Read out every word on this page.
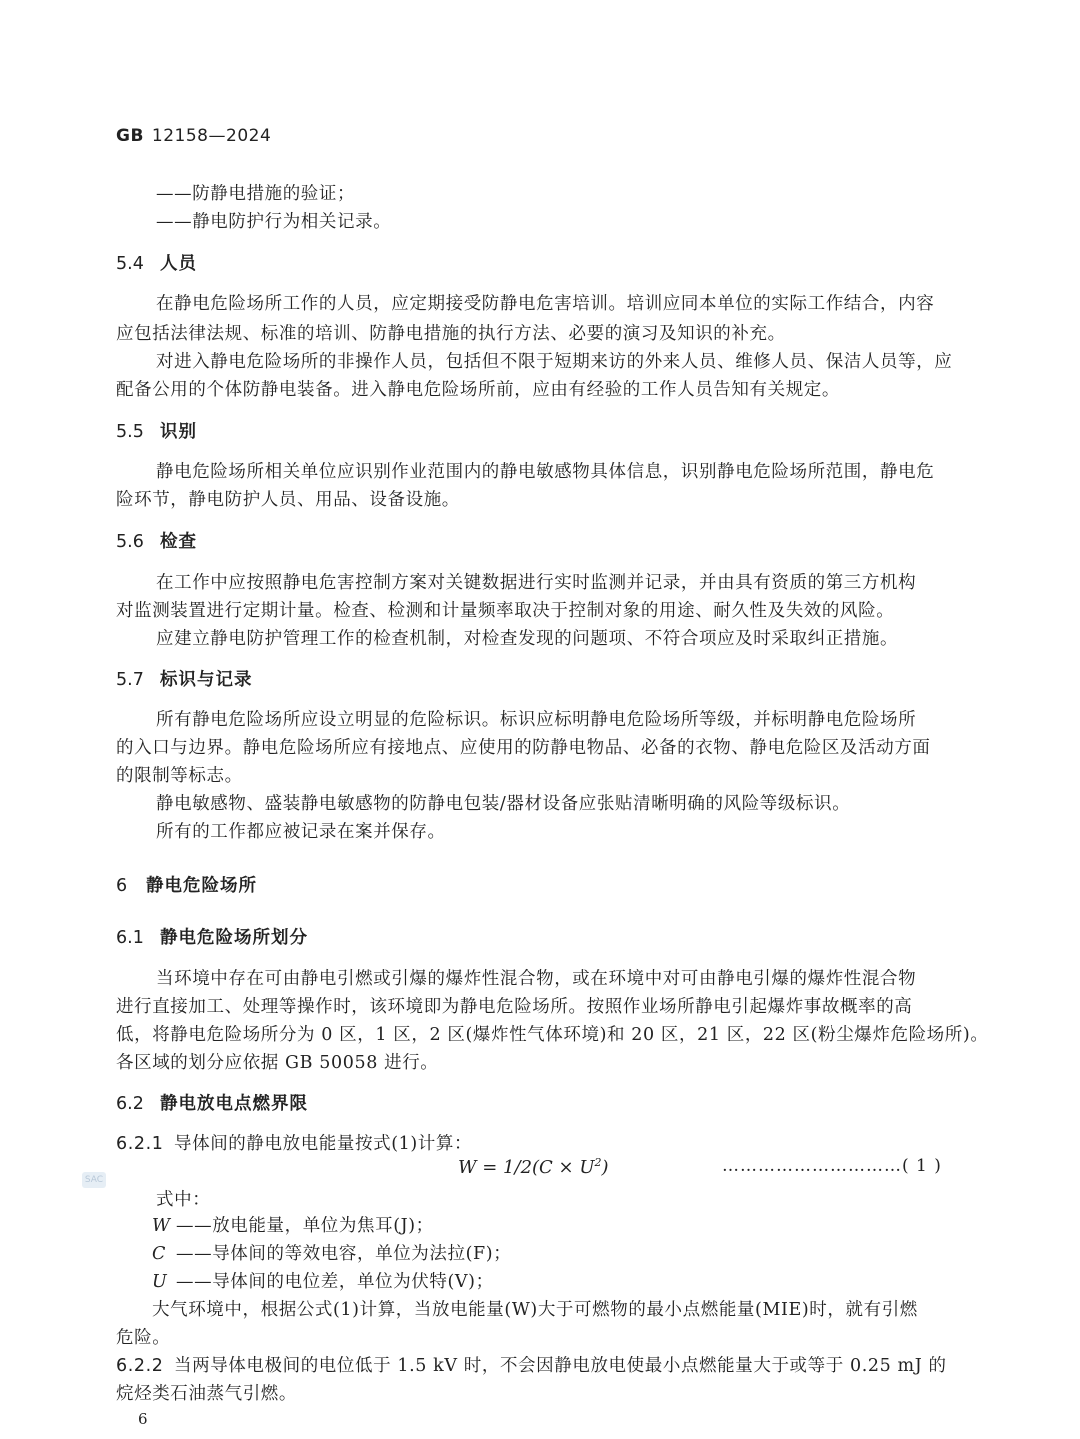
GB 12158—2024
——防静电措施的验证；
——静电防护行为相关记录。
5.4 人员
在静电危险场所工作的人员，应定期接受防静电危害培训。培训应同本单位的实际工作结合，内容
应包括法律法规、标准的培训、防静电措施的执行方法、必要的演习及知识的补充。
对进入静电危险场所的非操作人员，包括但不限于短期来访的外来人员、维修人员、保洁人员等，应
配备公用的个体防静电装备。进入静电危险场所前，应由有经验的工作人员告知有关规定。
5.5 识别
静电危险场所相关单位应识别作业范围内的静电敏感物具体信息，识别静电危险场所范围，静电危
险环节，静电防护人员、用品、设备设施。
5.6 检查
在工作中应按照静电危害控制方案对关键数据进行实时监测并记录，并由具有资质的第三方机构
对监测装置进行定期计量。检查、检测和计量频率取决于控制对象的用途、耐久性及失效的风险。
应建立静电防护管理工作的检查机制，对检查发现的问题项、不符合项应及时采取纠正措施。
5.7 标识与记录
所有静电危险场所应设立明显的危险标识。标识应标明静电危险场所等级，并标明静电危险场所
的入口与边界。静电危险场所应有接地点、应使用的防静电物品、必备的衣物、静电危险区及活动方面
的限制等标志。
静电敏感物、盛装静电敏感物的防静电包装/器材设备应张贴清晰明确的风险等级标识。
所有的工作都应被记录在案并保存。
6 静电危险场所
6.1 静电危险场所划分
当环境中存在可由静电引燃或引爆的爆炸性混合物，或在环境中对可由静电引爆的爆炸性混合物
进行直接加工、处理等操作时，该环境即为静电危险场所。按照作业场所静电引起爆炸事故概率的高
低，将静电危险场所分为 0 区，1 区，2 区(爆炸性气体环境)和 20 区，21 区，22 区(粉尘爆炸危险场所)。
各区域的划分应依据 GB 50058 进行。
6.2 静电放电点燃界限
6.2.1 导体间的静电放电能量按式(1)计算：
$W = 1/2(C \times U^2)$	…………………………( 1 )
SAC
式中：
W ——放电能量，单位为焦耳(J)；
C ——导体间的等效电容，单位为法拉(F)；
U ——导体间的电位差，单位为伏特(V)；
大气环境中，根据公式(1)计算，当放电能量(W)大于可燃物的最小点燃能量(MIE)时，就有引燃
危险。
6.2.2 当两导体电极间的电位低于 1.5 kV 时，不会因静电放电使最小点燃能量大于或等于 0.25 mJ 的
烷烃类石油蒸气引燃。
6
